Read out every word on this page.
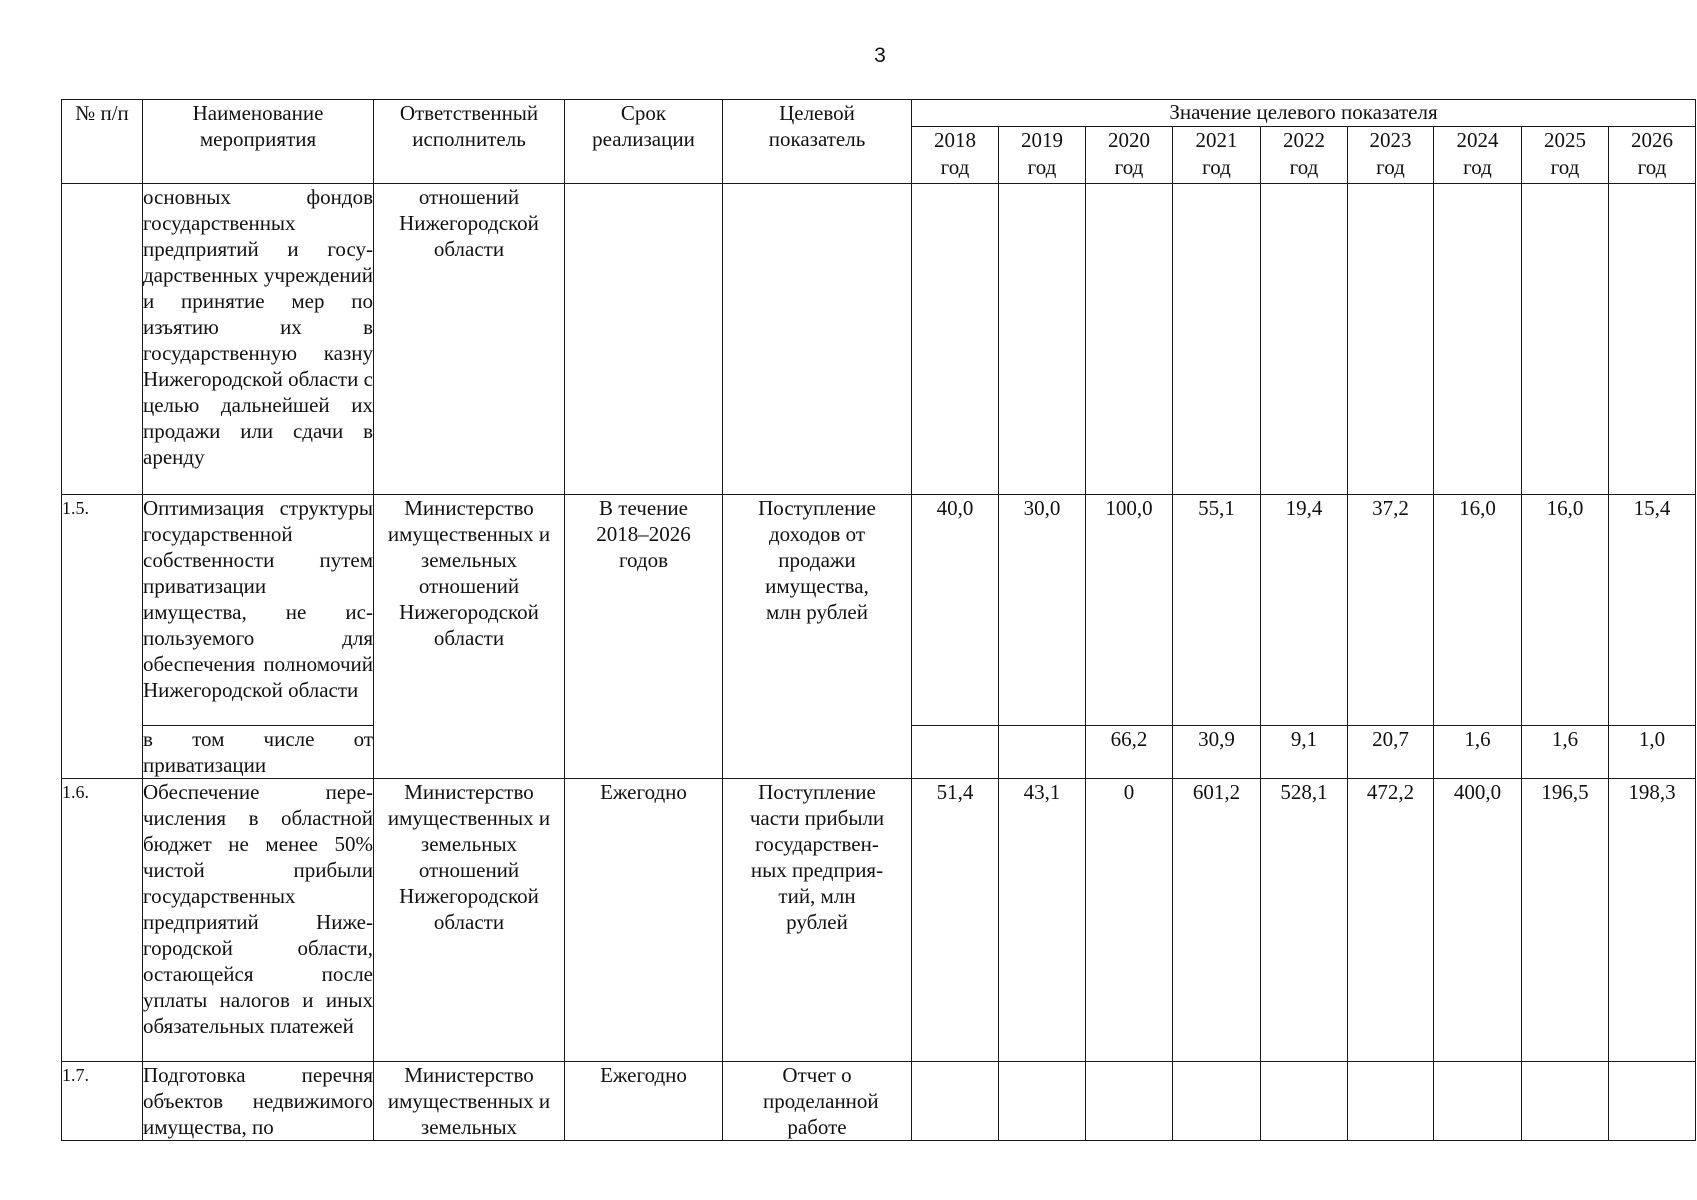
3
№ п/п	Наименование мероприятия	Ответственный исполнитель	Срок реализации	Целевой показатель	Значение целевого показателя								
					2018 год	2019 год	2020 год	2021 год	2022 год	2023 год	2024 год	2025 год	2026 год
	основных фондов государственных предприятий и государственных учреждений и принятие мер по изъятию их в государственную казну Нижегородской области с целью дальнейшей их продажи или сдачи в аренду	отношений Нижегородской области											
1.5.	Оптимизация структуры государственной собственности путем приватизации имущества, не используемого для обеспечения полномочий Нижегородской области	Министерство имущественных и земельных отношений Нижегородской области	В течение 2018–2026 годов	Поступление доходов от продажи имущества, млн рублей	40,0	30,0	100,0	55,1	19,4	37,2	16,0	16,0	15,4
	в том числе от приватизации						66,2	30,9	9,1	20,7	1,6	1,6	1,0
1.6.	Обеспечение перечисления в областной бюджет не менее 50% чистой прибыли государственных предприятий Нижегородской области, остающейся после уплаты налогов и иных обязательных платежей	Министерство имущественных и земельных отношений Нижегородской области	Ежегодно	Поступление части прибыли государственных предприятий, млн рублей	51,4	43,1	0	601,2	528,1	472,2	400,0	196,5	198,3
1.7.	Подготовка перечня объектов недвижимого имущества, по	Министерство имущественных и земельных	Ежегодно	Отчет о проделанной работе									
